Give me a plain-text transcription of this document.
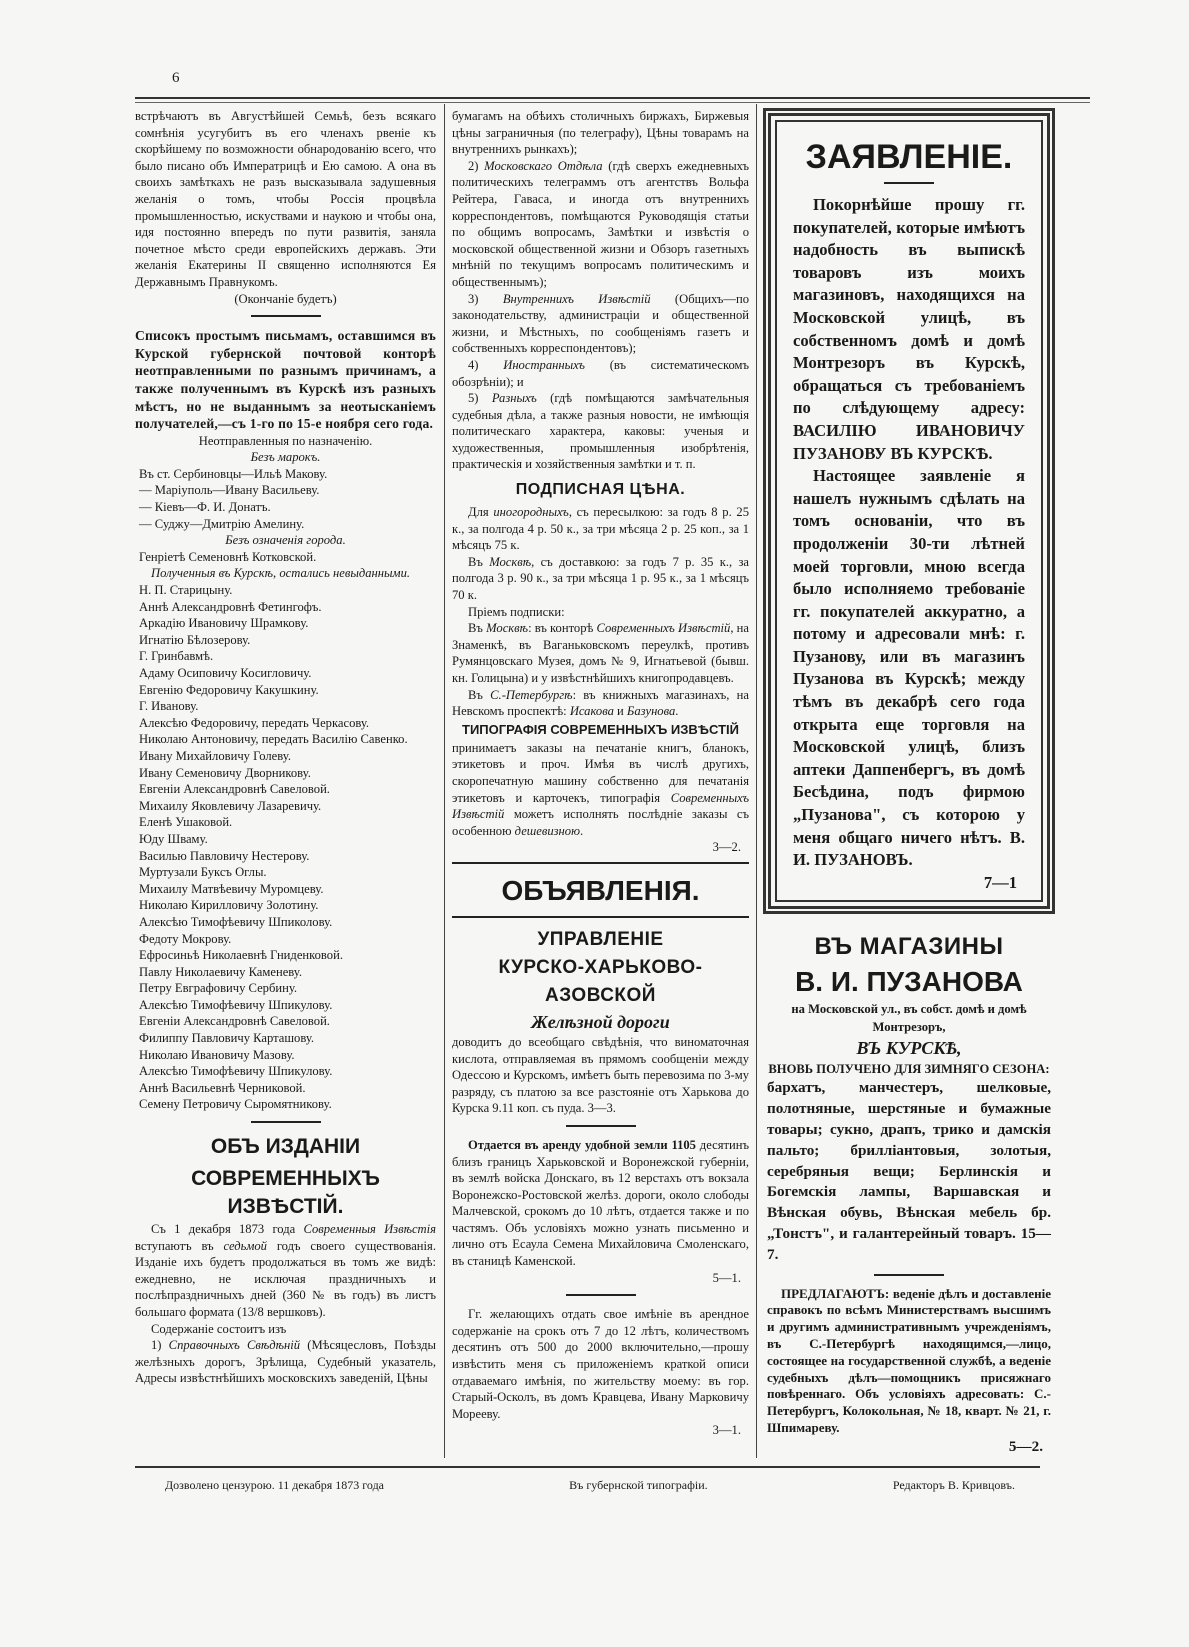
6

встрѣчаютъ въ Августѣйшей Семьѣ, безъ всякаго сомнѣнія усугубитъ въ его членахъ рвеніе къ скорѣйшему по возможности обнародованію всего, что было писано объ Императрицѣ и Ею самою. А она въ своихъ замѣткахъ не разъ высказывала задушевныя желанія о томъ, чтобы Россія процвѣла промышленностью, искуствами и наукою и чтобы она, идя постоянно впередъ по пути развитія, заняла почетное мѣсто среди европейскихъ державъ. Эти желанія Екатерины II священно исполняются Ея Державнымъ Правнукомъ.

(Окончаніе будетъ)

Списокъ простымъ письмамъ, оставшимся въ Курской губернской почтовой конторѣ неотправленными по разнымъ причинамъ, а также полученнымъ въ Курскѣ изъ разныхъ мѣстъ, но не выданнымъ за неотысканіемъ получателей,—съ 1-го по 15-е ноября сего года.

Неотправленныя по назначенію.

Безъ марокъ.

Въ ст. Сербиновцы—Ильѣ Макову.

— Маріуполь—Ивану Васильеву.

— Кіевъ—Ф. И. Донатъ.

— Суджу—Дмитрію Амелину.

Безъ означенія города.

Генріетѣ Семеновнѣ Котковской.

Полученныя въ Курскѣ, остались невыданными.

Н. П. Старицыну.

Аннѣ Александровнѣ Фетингофъ.

Аркадію Ивановичу Шрамкову.

Игнатію Бѣлозерову.

Г. Гринбавмѣ.

Адаму Осиповичу Косигловичу.

Евгенію Федоровичу Какушкину.

Г. Иванову.

Алексѣю Федоровичу, передать Черкасову.

Николаю Антоновичу, передать Василію Савенко.

Ивану Михайловичу Голеву.

Ивану Семеновичу Дворникову.

Евгеніи Александровнѣ Савеловой.

Михаилу Яковлевичу Лазаревичу.

Еленѣ Ушаковой.

Юду Шваму.

Василью Павловичу Нестерову.

Муртузали Буксъ Оглы.

Михаилу Матвѣевичу Муромцеву.

Николаю Кирилловичу Золотину.

Алексѣю Тимофѣевичу Шпиколову.

Федоту Мокрову.

Ефросиньѣ Николаевнѣ Гниденковой.

Павлу Николаевичу Каменеву.

Петру Евграфовичу Сербину.

Алексѣю Тимофѣевичу Шпикулову.

Евгеніи Александровнѣ Савеловой.

Филиппу Павловичу Карташову.

Николаю Ивановичу Мазову.

Алексѣю Тимофѣевичу Шпикулову.

Аннѣ Васильевнѣ Черниковой.

Семену Петровичу Сыромятникову.

ОБЪ ИЗДАНІИ

СОВРЕМЕННЫХЪ ИЗВѢСТІЙ.

Съ 1 декабря 1873 года Современныя Извѣстія вступаютъ въ седьмой годъ своего существованія. Изданіе ихъ будетъ продолжаться въ томъ же видѣ: ежедневно, не исключая праздничныхъ и послѣпраздничныхъ дней (360 № въ годъ) въ листъ большаго формата (13/8 вершковъ).

Содержаніе состоитъ изъ

1) Справочныхъ Свѣдѣній (Мѣсяцесловъ, Поѣзды желѣзныхъ дорогъ, Зрѣлища, Судебный указатель, Адресы извѣстнѣйшихъ московскихъ заведеній, Цѣны

бумагамъ на обѣихъ столичныхъ биржахъ, Биржевыя цѣны заграничныя (по телеграфу), Цѣны товарамъ на внутреннихъ рынкахъ);

2) Московскаго Отдѣла (гдѣ сверхъ ежедневныхъ политическихъ телеграммъ отъ агентствъ Вольфа Рейтера, Гаваса, и иногда отъ внутреннихъ корреспондентовъ, помѣщаются Руководящія статьи по общимъ вопросамъ, Замѣтки и извѣстія о московской общественной жизни и Обзоръ газетныхъ мнѣній по текущимъ вопросамъ политическимъ и общественнымъ);

3) Внутреннихъ Извѣстій (Общихъ—по законодательству, администраціи и общественной жизни, и Мѣстныхъ, по сообщеніямъ газетъ и собственныхъ корреспондентовъ);

4) Иностранныхъ (въ систематическомъ обозрѣніи); и

5) Разныхъ (гдѣ помѣщаются замѣчательныя судебныя дѣла, а также разныя новости, не имѣющія политическаго характера, каковы: ученыя и художественныя, промышленныя изобрѣтенія, практическія и хозяйственныя замѣтки и т. п.

ПОДПИСНАЯ ЦѢНА.

Для иногородныхъ, съ пересылкою: за годъ 8 р. 25 к., за полгода 4 р. 50 к., за три мѣсяца 2 р. 25 коп., за 1 мѣсяцъ 75 к.

Въ Москвѣ, съ доставкою: за годъ 7 р. 35 к., за полгода 3 р. 90 к., за три мѣсяца 1 р. 95 к., за 1 мѣсяцъ 70 к.

Пріемъ подписки:

Въ Москвѣ: въ конторѣ Современныхъ Извѣстій, на Знаменкѣ, въ Ваганьковскомъ переулкѣ, противъ Румянцовскаго Музея, домъ № 9, Игнатьевой (бывш. кн. Голицына) и у извѣстнѣйшихъ книгопродавцевъ.

Въ С.-Петербургѣ: въ книжныхъ магазинахъ, на Невскомъ проспектѣ: Исакова и Базунова.

ТИПОГРАФІЯ СОВРЕМЕННЫХЪ ИЗВѢСТІЙ

принимаетъ заказы на печатаніе книгъ, бланокъ, этикетовъ и проч. Имѣя въ числѣ другихъ, скоропечатную машину собственно для печатанія этикетовъ и карточекъ, типографія Современныхъ Извѣстій можетъ исполнять послѣдніе заказы съ особенною дешевизною.

3—2.

ОБЪЯВЛЕНІЯ.

УПРАВЛЕНІЕ

КУРСКО-ХАРЬКОВО-АЗОВСКОЙ

Желѣзной дороги

доводитъ до всеобщаго свѣдѣнія, что виноматочная кислота, отправляемая въ прямомъ сообщеніи между Одессою и Курскомъ, имѣетъ быть перевозима по 3-му разряду, съ платою за все разстояніе отъ Харькова до Курска 9.11 коп. съ пуда. 3—3.

Отдается въ аренду удобной земли 1105 десятинъ близъ границъ Харьковской и Воронежской губерніи, въ землѣ войска Донскаго, въ 12 верстахъ отъ вокзала Воронежско-Ростовской желѣз. дороги, около слободы Малчевской, срокомъ до 10 лѣтъ, отдается также и по частямъ. Объ условіяхъ можно узнать письменно и лично отъ Есаула Семена Михайловича Смоленскаго, въ станицѣ Каменской.

5—1.

Гг. желающихъ отдать свое имѣніе въ арендное содержаніе на срокъ отъ 7 до 12 лѣтъ, количествомъ десятинъ отъ 500 до 2000 включительно,—прошу извѣстить меня съ приложеніемъ краткой описи отдаваемаго имѣнія, по жительству моему: въ гор. Старый-Осколъ, въ домъ Кравцева, Ивану Марковичу Морееву.

3—1.

ЗАЯВЛЕНІЕ.

Покорнѣйше прошу гг. покупателей, которые имѣютъ надобность въ выпискѣ товаровъ изъ моихъ магазиновъ, находящихся на Московской улицѣ, въ собственномъ домѣ и домѣ Монтрезоръ въ Курскѣ, обращаться съ требованіемъ по слѣдующему адресу: ВАСИЛІЮ ИВАНОВИЧУ ПУЗАНОВУ ВЪ КУРСКѢ.

Настоящее заявленіе я нашелъ нужнымъ сдѣлать на томъ основаніи, что въ продолженіи 30-ти лѣтней моей торговли, мною всегда было исполняемо требованіе гг. покупателей аккуратно, а потому и адресовали мнѣ: г. Пузанову, или въ магазинъ Пузанова въ Курскѣ; между тѣмъ въ декабрѣ сего года открыта еще торговля на Московской улицѣ, близъ аптеки Даппенбергъ, въ домѣ Бесѣдина, подъ фирмою „Пузанова", съ которою у меня общаго ничего нѣтъ. В. И. ПУЗАНОВЪ.

7—1

ВЪ МАГАЗИНЫ

В. И. ПУЗАНОВА

на Московской ул., въ собст. домѣ и домѣ Монтрезоръ,

ВЪ КУРСКѢ,

ВНОВЬ ПОЛУЧЕНО ДЛЯ ЗИМНЯГО СЕЗОНА:

бархатъ, манчестеръ, шелковые, полотняные, шерстяные и бумажные товары; сукно, драпъ, трико и дамскія пальто; брилліантовыя, золотыя, серебряныя вещи; Берлинскія и Богемскія лампы, Варшавская и Вѣнская обувь, Вѣнская мебель бр. „Тонстъ", и галантерейный товаръ. 15—7.

ПРЕДЛАГАЮТЪ: веденіе дѣлъ и доставленіе справокъ по всѣмъ Министерствамъ высшимъ и другимъ административнымъ учрежденіямъ, въ С.-Петербургѣ находящимся,—лицо, состоящее на государственной службѣ, а веденіе судебныхъ дѣлъ—помощникъ присяжнаго повѣреннаго. Объ условіяхъ адресовать: С.-Петербургъ, Колокольная, № 18, кварт. № 21, г. Шпимареву.

5—2.

Дозволено цензурою. 11 декабря 1873 года	Въ губернской типографіи.	Редакторъ В. Кривцовъ.
